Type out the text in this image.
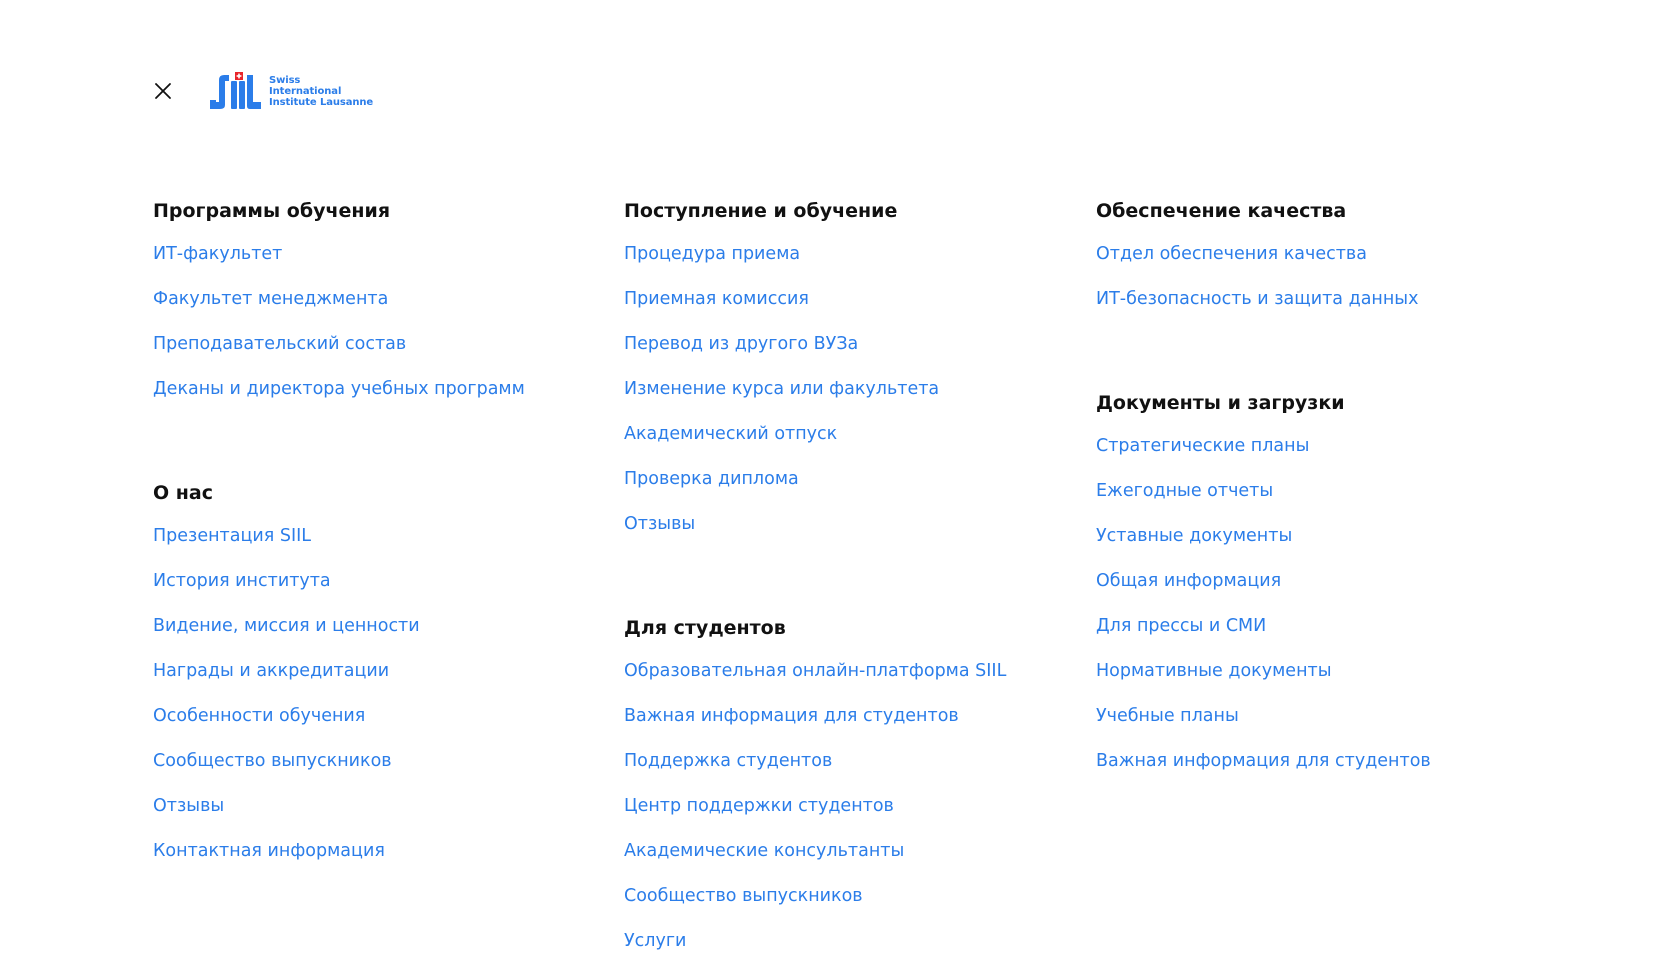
Swiss
International
Institute Lausanne
Программы обучения
ИТ-факультет
Факультет менеджмента
Преподавательский состав
Деканы и директора учебных программ
О нас
Презентация SIIL
История института
Видение, миссия и ценности
Награды и аккредитации
Особенности обучения
Сообщество выпускников
Отзывы
Контактная информация
Поступление и обучение
Процедура приема
Приемная комиссия
Перевод из другого ВУЗа
Изменение курса или факультета
Академический отпуск
Проверка диплома
Отзывы
Для студентов
Образовательная онлайн-платформа SIIL
Важная информация для студентов
Поддержка студентов
Центр поддержки студентов
Академические консультанты
Сообщество выпускников
Услуги
Обеспечение качества
Отдел обеспечения качества
ИТ-безопасность и защита данных
Документы и загрузки
Стратегические планы
Ежегодные отчеты
Уставные документы
Общая информация
Для прессы и СМИ
Нормативные документы
Учебные планы
Важная информация для студентов
